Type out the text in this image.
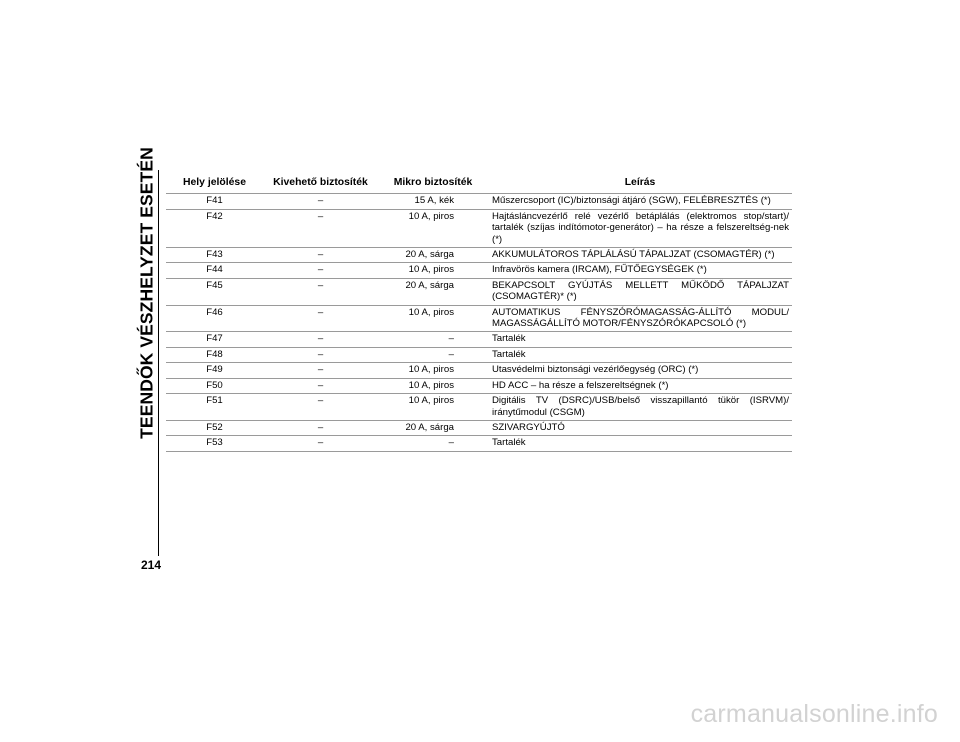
TEENDŐK VÉSZHELYZET ESETÉN
214
Hely jelölése	Kivehető biztosíték	Mikro biztosíték	Leírás
F41	–	15 A, kék	Műszercsoport (IC)/biztonsági átjáró (SGW), FELÉBRESZTÉS (*)
F42	–	10 A, piros	Hajtásláncvezérlő relé vezérlő betáplálás (elektromos stop/start)/ tartalék (szíjas indítómotor-generátor) – ha része a felszereltség-nek (*)
F43	–	20 A, sárga	AKKUMULÁTOROS TÁPLÁLÁSÚ TÁPALJZAT (CSOMAGTÉR) (*)
F44	–	10 A, piros	Infravörös kamera (IRCAM), FŰTŐEGYSÉGEK (*)
F45	–	20 A, sárga	BEKAPCSOLT GYÚJTÁS MELLETT MŰKÖDŐ TÁPALJZAT (CSOMAGTÉR)* (*)
F46	–	10 A, piros	AUTOMATIKUS FÉNYSZÓRÓMAGASSÁG-ÁLLÍTÓ MODUL/ MAGASSÁGÁLLÍTÓ MOTOR/FÉNYSZÓRÓKAPCSOLÓ (*)
F47	–	–	Tartalék
F48	–	–	Tartalék
F49	–	10 A, piros	Utasvédelmi biztonsági vezérlőegység (ORC) (*)
F50	–	10 A, piros	HD ACC – ha része a felszereltségnek (*)
F51	–	10 A, piros	Digitális TV (DSRC)/USB/belső visszapillantó tükör (ISRVM)/ iránytűmodul (CSGM)
F52	–	20 A, sárga	SZIVARGYÚJTÓ
F53	–	–	Tartalék
carmanualsonline.info
